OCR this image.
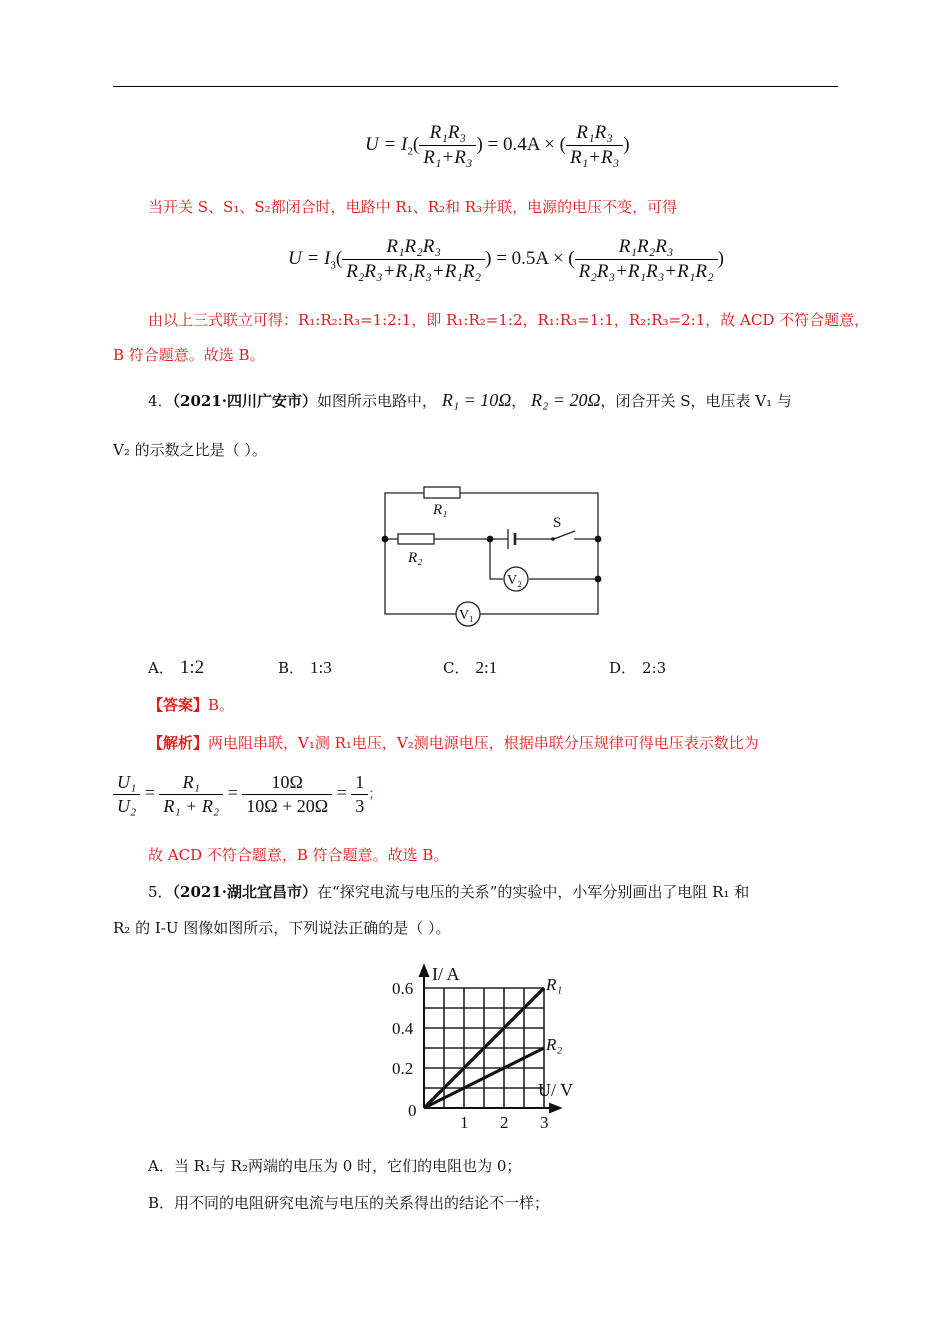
$U = I_2( \frac{\text{R₁R₃}}{\text{R₁+R₃}}$ ) = 0.4A × ( $\frac{\text{R₁R₃}}{\text{R₁+R₃}}$ )
当开关 S、S₁、S₂都闭合时，电路中 R₁、R₂和 R₃并联，电源的电压不变，可得
$U = I_3( \frac{\text{R₁R₂R₃}}{\text{R₂R₃+R₁R₃+R₁R₂}}$ ) = 0.5A × ( $\frac{\text{R₁R₂R₃}}{\text{R₂R₃+R₁R₃+R₁R₂}}$ )
由以上三式联立可得：R₁:R₂:R₃=1:2:1，即 R₁:R₂=1:2，R₁:R₃=1:1，R₂:R₃=2:1，故 ACD 不符合题意，
B 符合题意。故选 B。
4．（2021·四川广安市）如图所示电路中， R₁ = 10Ω， R₂ = 20Ω，闭合开关 S，电压表 V₁ 与
V₂ 的示数之比是（ ）。
R₁
R₂
S
V₂
V₁
A． 1:2	B． 1:3	C． 2:1	D． 2:3
【答案】B。
【解析】两电阻串联，V₁测 R₁电压，V₂测电源电压，根据串联分压规律可得电压表示数比为
$\frac{\text{U₁}}{\text{U₂}} = \frac{\text{R₁}}{\text{R₁ + R₂}} = \frac{10\Omega}{10\Omega + 20\Omega} = \frac{1}{3}$ ；
故 ACD 不符合题意，B 符合题意。故选 B。
5．（2021·湖北宜昌市）在“探究电流与电压的关系”的实验中，小军分别画出了电阻 R₁ 和
R₂ 的 I-U 图像如图所示，下列说法正确的是（ ）。
R₁
R₂
1 2 3
0.2
0.4
0.6
0
I/ A
U/ V
A．当 R₁与 R₂两端的电压为 0 时，它们的电阻也为 0；
B．用不同的电阻研究电流与电压的关系得出的结论不一样；
